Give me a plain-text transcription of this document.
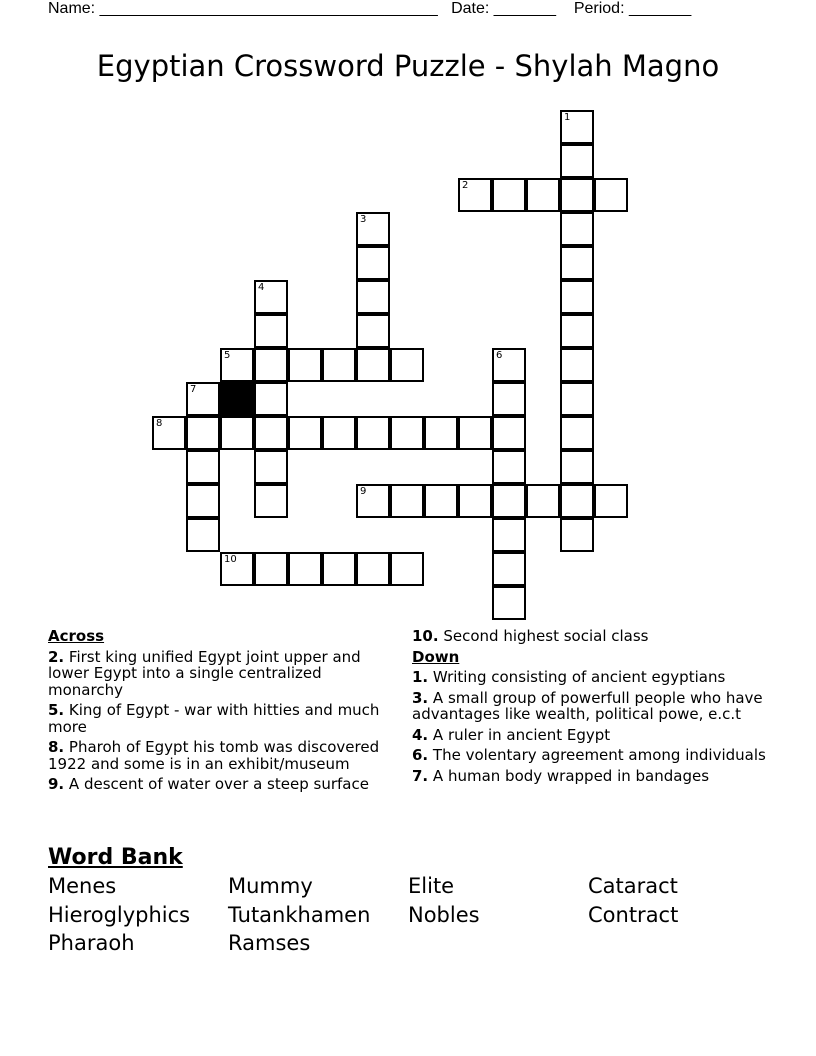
Name: ______________________________________ Date: _______ Period: _______
Egyptian Crossword Puzzle - Shylah Magno
1
2
3
4
5	6
7
8
9
10
Across
2. First king unified Egypt joint upper and lower Egypt into a single centralized monarchy
5. King of Egypt - war with hitties and much more
8. Pharoh of Egypt his tomb was discovered 1922 and some is in an exhibit/museum
9. A descent of water over a steep surface
10. Second highest social class
Down
1. Writing consisting of ancient egyptians
3. A small group of powerfull people who have advantages like wealth, political powe, e.c.t
4. A ruler in ancient Egypt
6. The volentary agreement among individuals
7. A human body wrapped in bandages
Word Bank
Menes	Mummy	Elite	Cataract
Hieroglyphics	Tutankhamen	Nobles	Contract
Pharaoh	Ramses
